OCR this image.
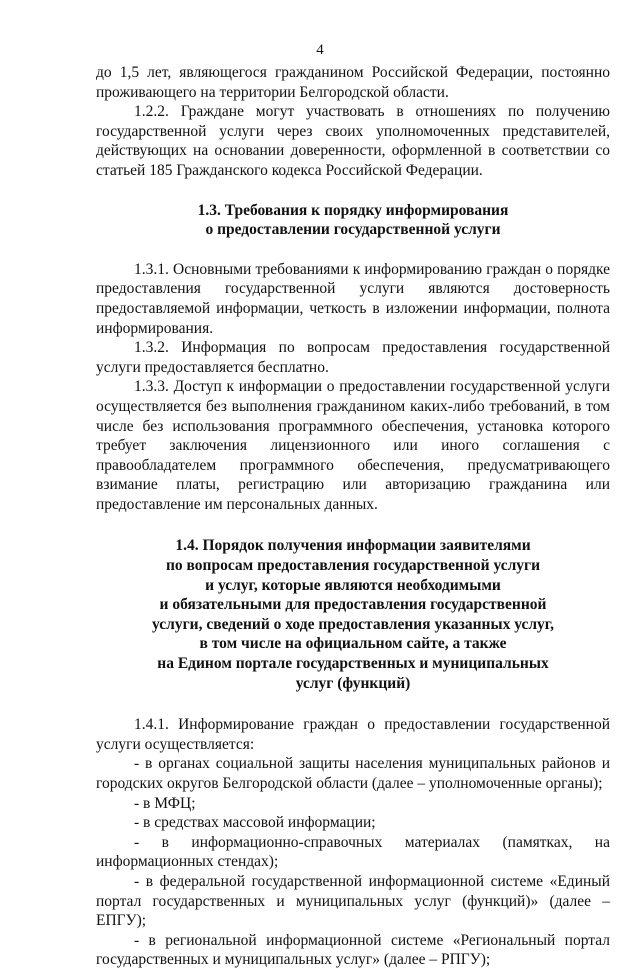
4

до 1,5 лет, являющегося гражданином Российской Федерации, постоянно проживающего на территории Белгородской области.

1.2.2. Граждане могут участвовать в отношениях по получению государственной услуги через своих уполномоченных представителей, действующих на основании доверенности, оформленной в соответствии со статьей 185 Гражданского кодекса Российской Федерации.

1.3. Требования к порядку информирования
о предоставлении государственной услуги

1.3.1. Основными требованиями к информированию граждан о порядке предоставления государственной услуги являются достоверность предоставляемой информации, четкость в изложении информации, полнота информирования.

1.3.2. Информация по вопросам предоставления государственной услуги предоставляется бесплатно.

1.3.3. Доступ к информации о предоставлении государственной услуги осуществляется без выполнения гражданином каких-либо требований, в том числе без использования программного обеспечения, установка которого требует заключения лицензионного или иного соглашения с правообладателем программного обеспечения, предусматривающего взимание платы, регистрацию или авторизацию гражданина или предоставление им персональных данных.

1.4. Порядок получения информации заявителями
по вопросам предоставления государственной услуги
и услуг, которые являются необходимыми
и обязательными для предоставления государственной
услуги, сведений о ходе предоставления указанных услуг,
в том числе на официальном сайте, а также
на Едином портале государственных и муниципальных
услуг (функций)

1.4.1. Информирование граждан о предоставлении государственной услуги осуществляется:

- в органах социальной защиты населения муниципальных районов и городских округов Белгородской области (далее – уполномоченные органы);

- в МФЦ;

- в средствах массовой информации;

- в информационно-справочных материалах (памятках, на информационных стендах);

- в федеральной государственной информационной системе «Единый портал государственных и муниципальных услуг (функций)» (далее – ЕПГУ);

- в региональной информационной системе «Региональный портал государственных и муниципальных услуг» (далее – РПГУ);
